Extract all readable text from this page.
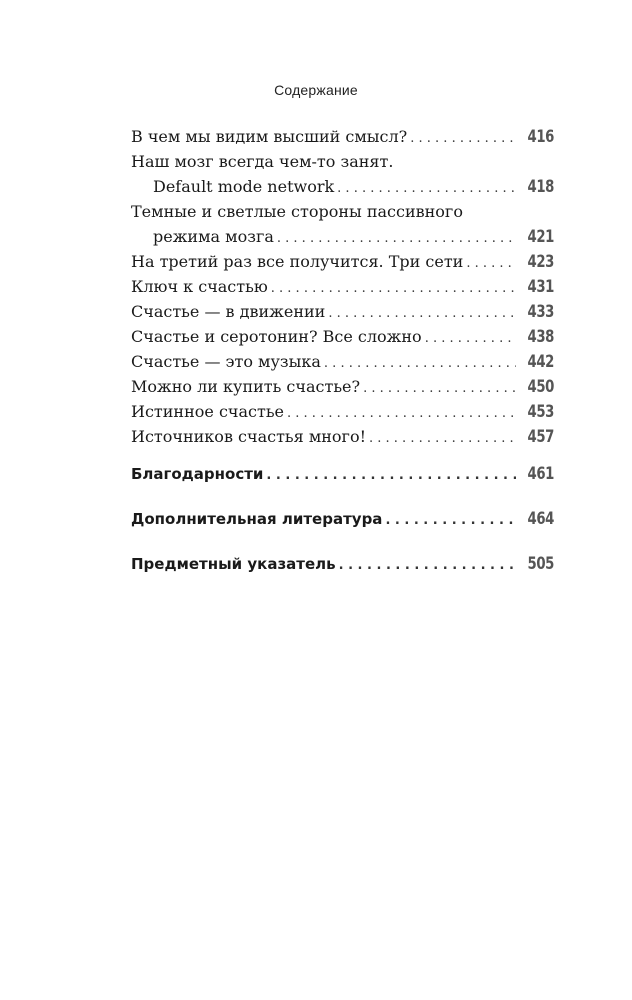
Содержание
В чем мы видим высший смысл? . . .	416
Наш мозг всегда чем-то занят.
Default mode network . . .	418
Темные и светлые стороны пассивного
режима мозга . . .	421
На третий раз все получится. Три сети . . .	423
Ключ к счастью . . .	431
Счастье — в движении . . .	433
Счастье и серотонин? Все сложно . . .	438
Счастье — это музыка . . .	442
Можно ли купить счастье? . . .	450
Истинное счастье . . .	453
Источников счастья много! . . .	457
Благодарности . . .	461
Дополнительная литература . . .	464
Предметный указатель . . .	505
